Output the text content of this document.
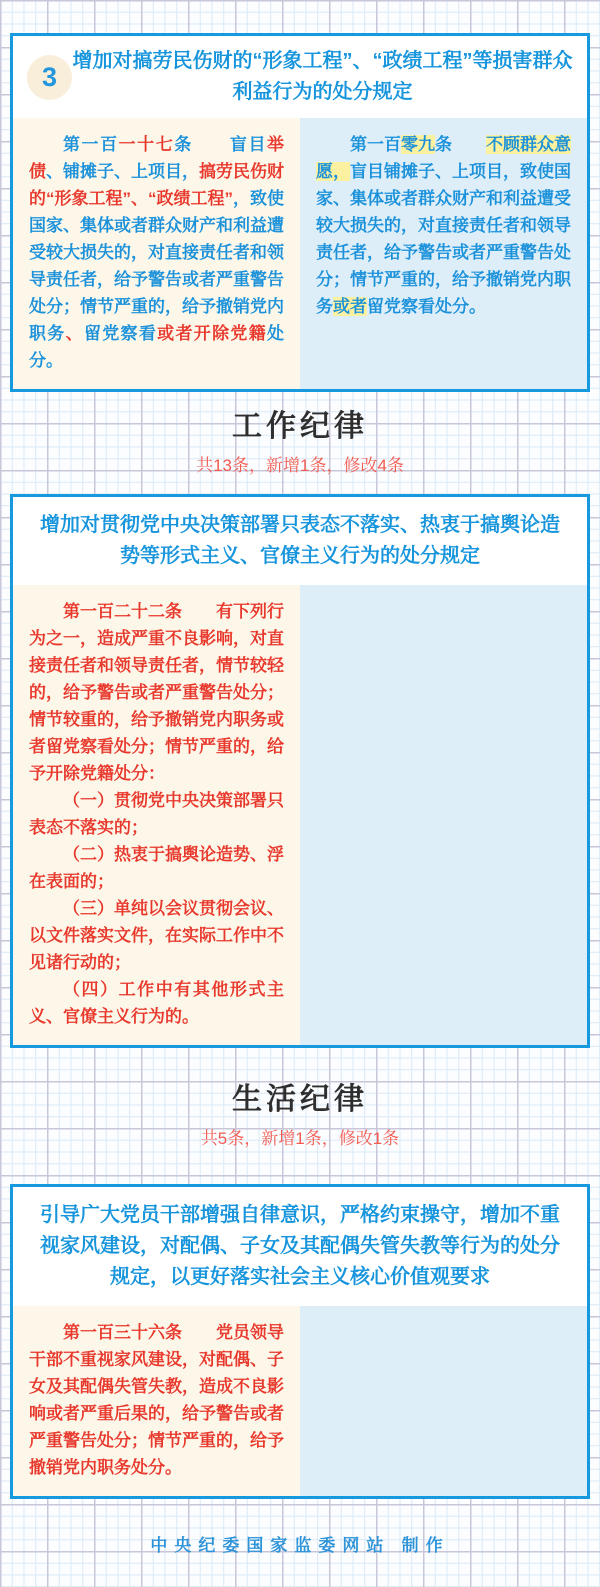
3
增加对搞劳民伤财的“形象工程”、“政绩工程”等损害群众利益行为的处分规定

第一百一十七条　　盲目举债、铺摊子、上项目，搞劳民伤财的“形象工程”、“政绩工程”，致使国家、集体或者群众财产和利益遭受较大损失的，对直接责任者和领导责任者，给予警告或者严重警告处分；情节严重的，给予撤销党内职务、留党察看或者开除党籍处分。

第一百零九条　　不顾群众意愿，盲目铺摊子、上项目，致使国家、集体或者群众财产和利益遭受较大损失的，对直接责任者和领导责任者，给予警告或者严重警告处分；情节严重的，给予撤销党内职务或者留党察看处分。

工作纪律

共13条，新增1条，修改4条

增加对贯彻党中央决策部署只表态不落实、热衷于搞舆论造势等形式主义、官僚主义行为的处分规定

第一百二十二条　　有下列行为之一，造成严重不良影响，对直接责任者和领导责任者，情节较轻的，给予警告或者严重警告处分；情节较重的，给予撤销党内职务或者留党察看处分；情节严重的，给予开除党籍处分：

（一）贯彻党中央决策部署只表态不落实的；

（二）热衷于搞舆论造势、浮在表面的；

（三）单纯以会议贯彻会议、以文件落实文件，在实际工作中不见诸行动的；

（四）工作中有其他形式主义、官僚主义行为的。

生活纪律

共5条，新增1条，修改1条

引导广大党员干部增强自律意识，严格约束操守，增加不重视家风建设，对配偶、子女及其配偶失管失教等行为的处分规定，以更好落实社会主义核心价值观要求

第一百三十六条　　党员领导干部不重视家风建设，对配偶、子女及其配偶失管失教，造成不良影响或者严重后果的，给予警告或者严重警告处分；情节严重的，给予撤销党内职务处分。

中央纪委国家监委网站 制作
